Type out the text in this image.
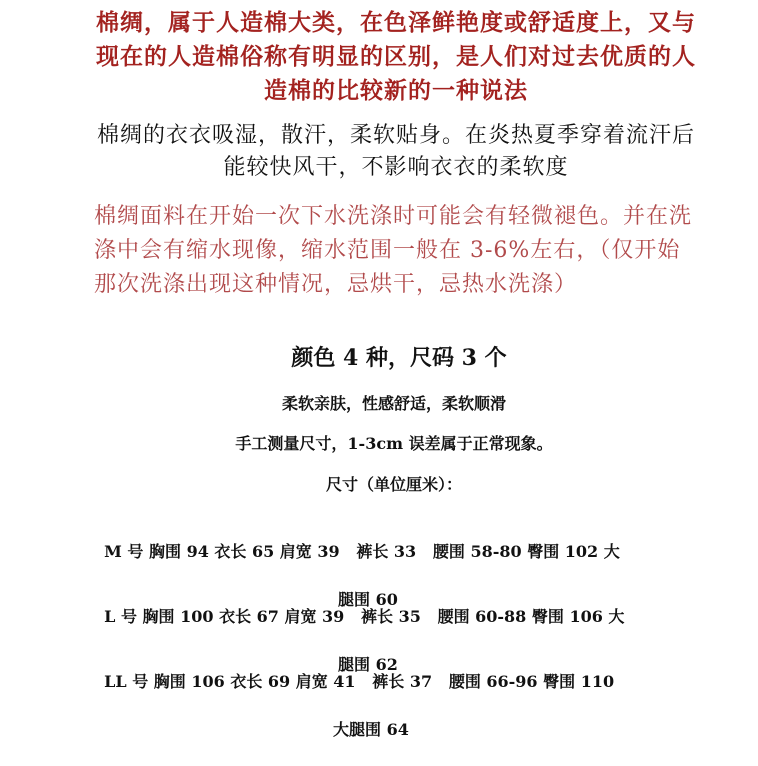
棉绸，属于人造棉大类，在色泽鲜艳度或舒适度上，又与现在的人造棉俗称有明显的区别，是人们对过去优质的人造棉的比较新的一种说法

棉绸的衣衣吸湿，散汗，柔软贴身。在炎热夏季穿着流汗后能较快风干，不影响衣衣的柔软度

棉绸面料在开始一次下水洗涤时可能会有轻微褪色。并在洗涤中会有缩水现像，缩水范围一般在 3-6%左右，（仅开始那次洗涤出现这种情况，忌烘干，忌热水洗涤）

颜色 4 种，尺码 3 个
柔软亲肤，性感舒适，柔软顺滑
手工测量尺寸，1-3cm 误差属于正常现象。
尺寸（单位厘米）：

M 号 胸围 94 衣长 65 肩宽 39   裤长 33   腰围 58-80 臀围 102 大

腿围 60

L 号 胸围 100 衣长 67 肩宽 39   裤长 35   腰围 60-88 臀围 106 大

腿围 62

LL 号 胸围 106 衣长 69 肩宽 41   裤长 37   腰围 66-96 臀围 110

大腿围 64
